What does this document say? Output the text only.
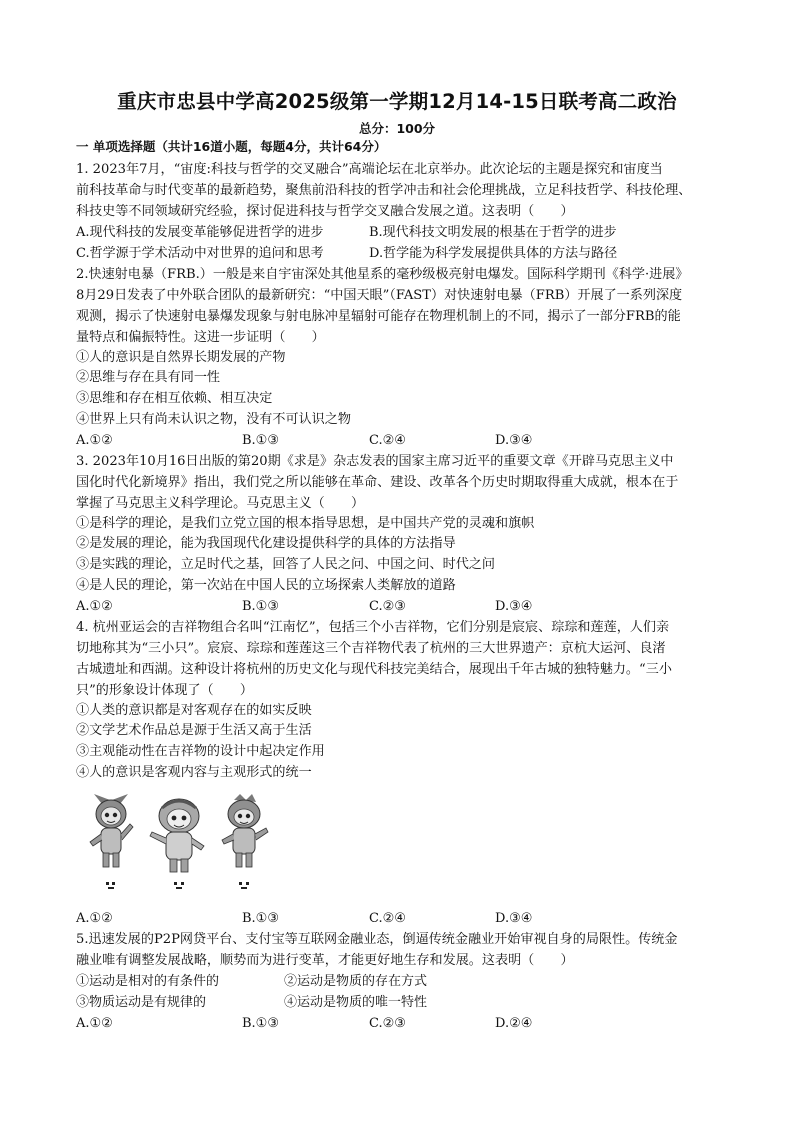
重庆市忠县中学高2025级第一学期12月14-15日联考高二政治
总分：100分
一 单项选择题（共计16道小题，每题4分，共计64分）
1. 2023年7月，“宙度:科技与哲学的交叉融合”高端论坛在北京举办。此次论坛的主题是探究和宙度当
前科技革命与时代变革的最新趋势，聚焦前沿科技的哲学冲击和社会伦理挑战，立足科技哲学、科技伦理、
科技史等不同领域研究经验，探讨促进科技与哲学交叉融合发展之道。这表明（　　）
A.现代科技的发展变革能够促进哲学的进步	B.现代科技文明发展的根基在于哲学的进步
C.哲学源于学术活动中对世界的追问和思考	D.哲学能为科学发展提供具体的方法与路径
2.快速射电暴（FRB.）一般是来自宇宙深处其他星系的毫秒级极亮射电爆发。国际科学期刊《科学·进展》
8月29日发表了中外联合团队的最新研究：“中国天眼”（FAST）对快速射电暴（FRB）开展了一系列深度
观测，揭示了快速射电暴爆发现象与射电脉冲星辐射可能存在物理机制上的不同，揭示了一部分FRB的能
量特点和偏振特性。这进一步证明（　　）
①人的意识是自然界长期发展的产物
②思维与存在具有同一性
③思维和存在相互依赖、相互决定
④世界上只有尚未认识之物，没有不可认识之物
A.①②	B.①③	C.②④	D.③④
3. 2023年10月16日出版的第20期《求是》杂志发表的国家主席习近平的重要文章《开辟马克思主义中
国化时代化新境界》指出，我们党之所以能够在革命、建设、改革各个历史时期取得重大成就，根本在于
掌握了马克思主义科学理论。马克思主义（　　）
①是科学的理论，是我们立党立国的根本指导思想，是中国共产党的灵魂和旗帜
②是发展的理论，能为我国现代化建设提供科学的具体的方法指导
③是实践的理论，立足时代之基，回答了人民之问、中国之问、时代之问
④是人民的理论，第一次站在中国人民的立场探索人类解放的道路
A.①②	B.①③	C.②③	D.③④
4. 杭州亚运会的吉祥物组合名叫“江南忆”，包括三个小吉祥物，它们分别是宸宸、琮琮和莲莲，人们亲
切地称其为“三小只”。宸宸、琮琮和莲莲这三个吉祥物代表了杭州的三大世界遗产：京杭大运河、良渚
古城遗址和西湖。这种设计将杭州的历史文化与现代科技完美结合，展现出千年古城的独特魅力。“三小
只”的形象设计体现了（　　）
①人类的意识都是对客观存在的如实反映
②文学艺术作品总是源于生活又高于生活
③主观能动性在吉祥物的设计中起决定作用
④人的意识是客观内容与主观形式的统一
A.①②	B.①③	C.②④	D.③④
5.迅速发展的P2P网贷平台、支付宝等互联网金融业态，倒逼传统金融业开始审视自身的局限性。传统金
融业唯有调整发展战略，顺势而为进行变革，才能更好地生存和发展。这表明（　　）
①运动是相对的有条件的	②运动是物质的存在方式
③物质运动是有规律的	④运动是物质的唯一特性
A.①②	B.①③	C.②③	D.②④
